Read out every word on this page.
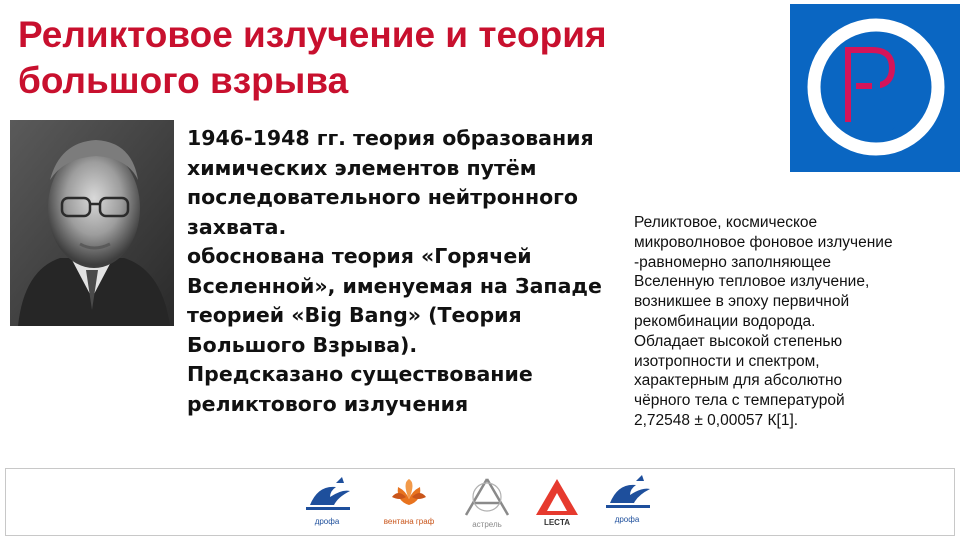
Реликтовое излучение и теория
большого взрыва

1946-1948 гг. теория образования
химических элементов путём
последовательного нейтронного
захвата.
обоснована теория «Горячей
Вселенной», именуемая на Западе
теорией «Big Bang» (Теория
Большого Взрыва).
Предсказано существование
реликтового излучения

Реликтовое, космическое
микроволновое фоновое излучение
-равномерно заполняющее
Вселенную тепловое излучение,
возникшее в эпоху первичной
рекомбинации водорода.
Обладает высокой степенью
изотропности и спектром,
характерным для абсолютно
чёрного тела с температурой
2,72548 ± 0,00057 К[1].

дрофа	вентана граф	астрель	LECTA	дрофа
